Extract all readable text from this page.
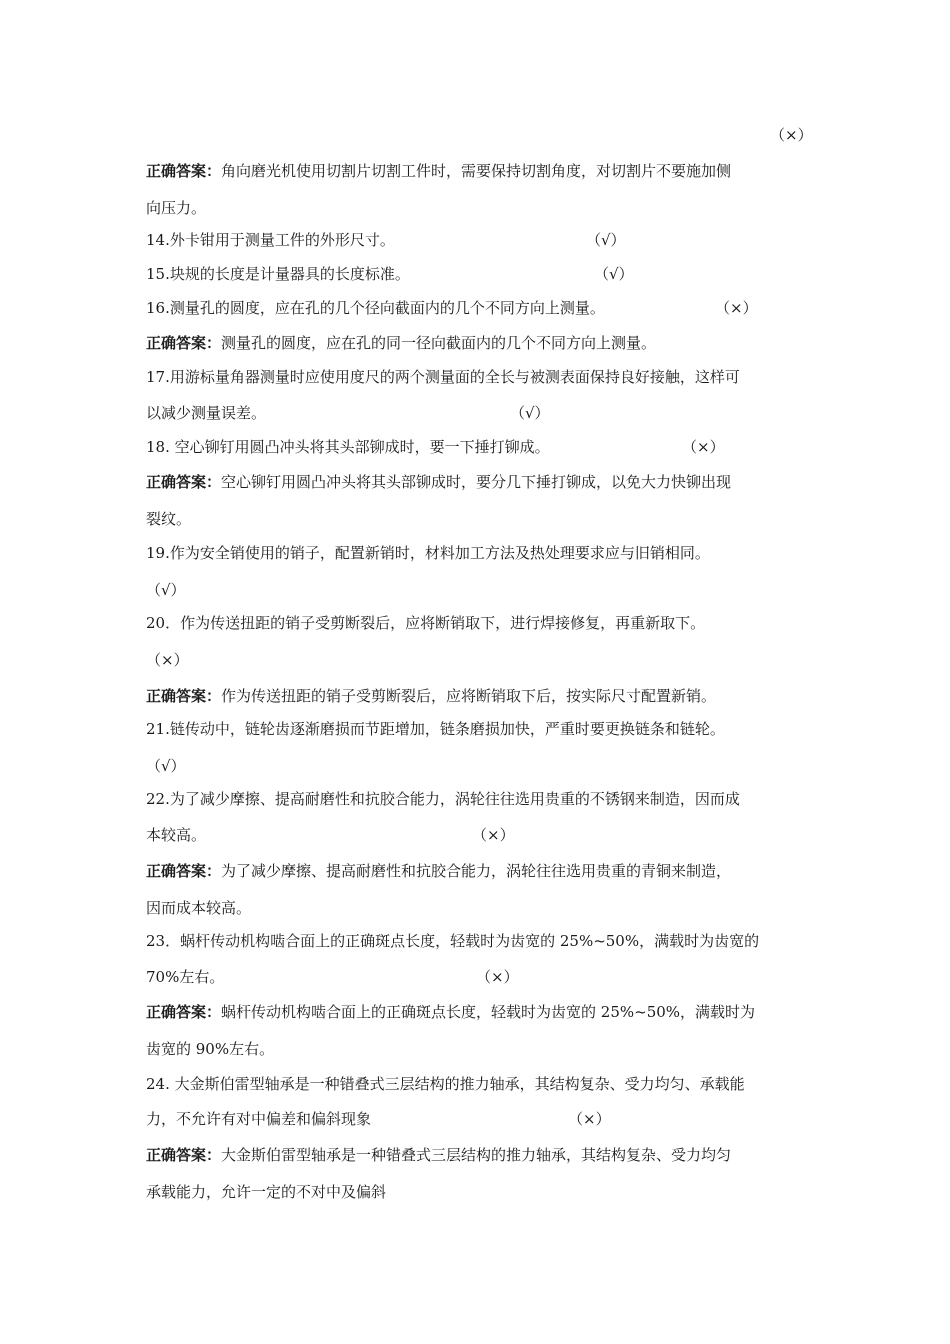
（×）
正确答案：角向磨光机使用切割片切割工件时，需要保持切割角度，对切割片不要施加侧
向压力。
14.外卡钳用于测量工件的外形尺寸。	（√）
15.块规的长度是计量器具的长度标准。	（√）
16.测量孔的圆度，应在孔的几个径向截面内的几个不同方向上测量。	（×）
正确答案：测量孔的圆度，应在孔的同一径向截面内的几个不同方向上测量。
17.用游标量角器测量时应使用度尺的两个测量面的全长与被测表面保持良好接触，这样可
以减少测量误差。	（√）
18. 空心铆钉用圆凸冲头将其头部铆成时，要一下捶打铆成。	（×）
正确答案：空心铆钉用圆凸冲头将其头部铆成时，要分几下捶打铆成，以免大力快铆出现
裂纹。
19.作为安全销使用的销子，配置新销时，材料加工方法及热处理要求应与旧销相同。
（√）
20．作为传送扭距的销子受剪断裂后，应将断销取下，进行焊接修复，再重新取下。
（×）
正确答案：作为传送扭距的销子受剪断裂后，应将断销取下后，按实际尺寸配置新销。
21.链传动中，链轮齿逐渐磨损而节距增加，链条磨损加快，严重时要更换链条和链轮。
（√）
22.为了减少摩擦、提高耐磨性和抗胶合能力，涡轮往往选用贵重的不锈钢来制造，因而成
本较高。	（×）
正确答案：为了减少摩擦、提高耐磨性和抗胶合能力，涡轮往往选用贵重的青铜来制造，
因而成本较高。
23．蜗杆传动机构啮合面上的正确斑点长度，轻载时为齿宽的 25%~50%，满载时为齿宽的
70%左右。	（×）
正确答案：蜗杆传动机构啮合面上的正确斑点长度，轻载时为齿宽的 25%~50%，满载时为
齿宽的 90%左右。
24. 大金斯伯雷型轴承是一种错叠式三层结构的推力轴承，其结构复杂、受力均匀、承载能
力，不允许有对中偏差和偏斜现象	（×）
正确答案：大金斯伯雷型轴承是一种错叠式三层结构的推力轴承，其结构复杂、受力均匀
承载能力，允许一定的不对中及偏斜
